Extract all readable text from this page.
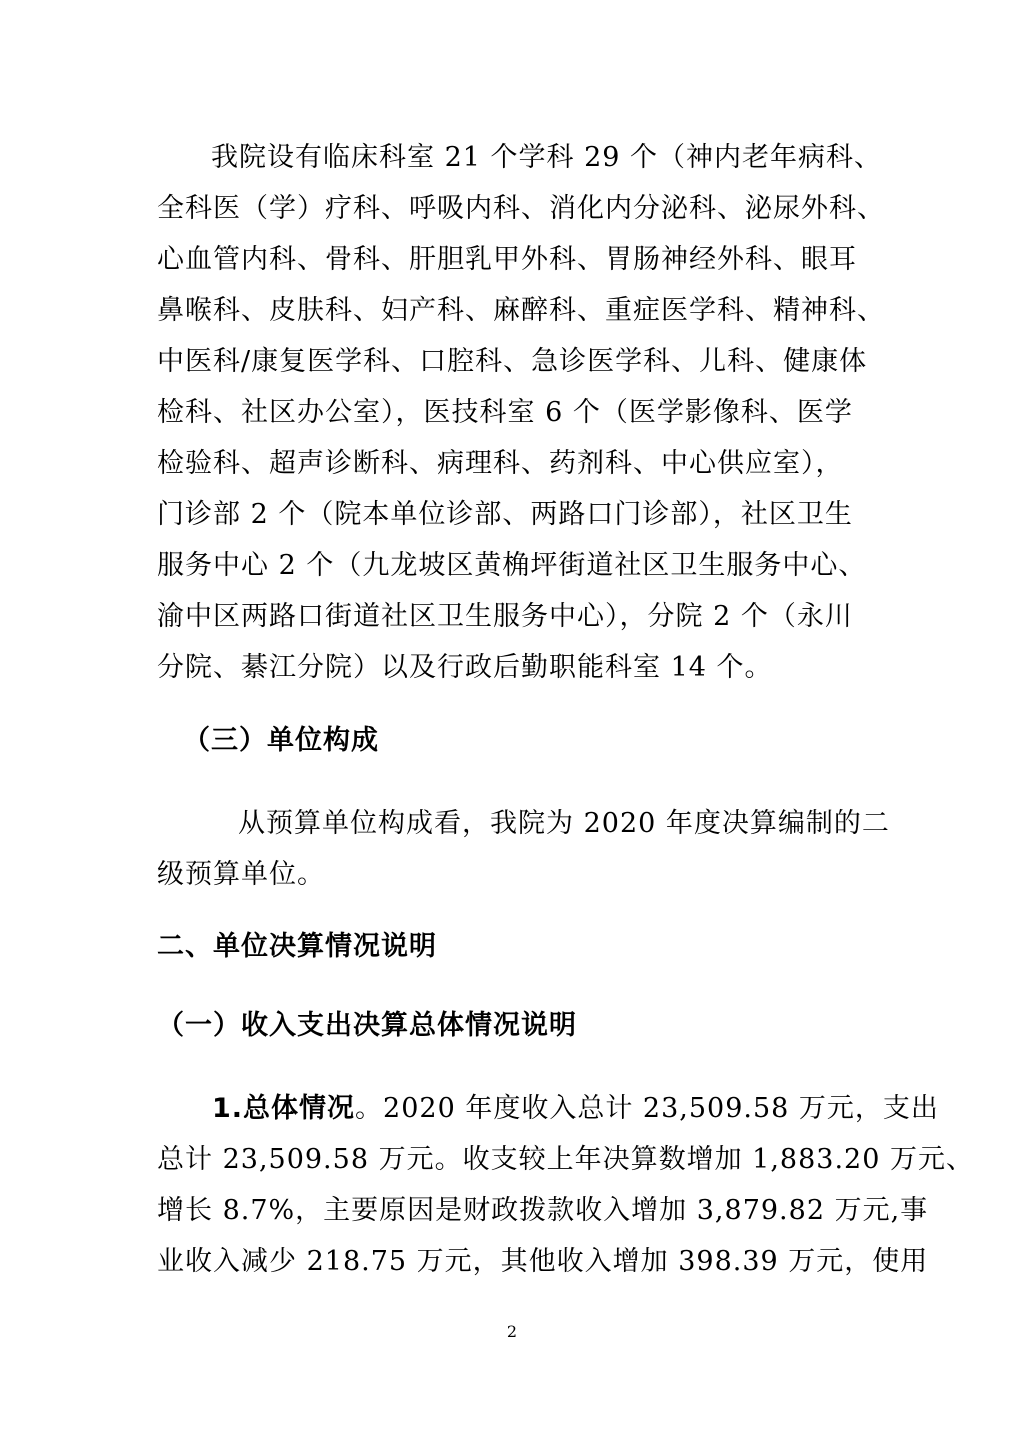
我院设有临床科室 21 个学科 29 个（神内老年病科、
全科医（学）疗科、呼吸内科、消化内分泌科、泌尿外科、
心血管内科、骨科、肝胆乳甲外科、胃肠神经外科、眼耳
鼻喉科、皮肤科、妇产科、麻醉科、重症医学科、精神科、
中医科/康复医学科、口腔科、急诊医学科、儿科、健康体
检科、社区办公室），医技科室 6 个（医学影像科、医学
检验科、超声诊断科、病理科、药剂科、中心供应室），
门诊部 2 个（院本单位诊部、两路口门诊部），社区卫生
服务中心 2 个（九龙坡区黄桷坪街道社区卫生服务中心、
渝中区两路口街道社区卫生服务中心），分院 2 个（永川
分院、綦江分院）以及行政后勤职能科室 14 个。
（三）单位构成
从预算单位构成看，我院为 2020 年度决算编制的二
级预算单位。
二、单位决算情况说明
（一）收入支出决算总体情况说明
1.总体情况。2020 年度收入总计 23,509.58 万元，支出
总计 23,509.58 万元。收支较上年决算数增加 1,883.20 万元、
增长 8.7%，主要原因是财政拨款收入增加 3,879.82 万元,事
业收入减少 218.75 万元，其他收入增加 398.39 万元，使用
2
